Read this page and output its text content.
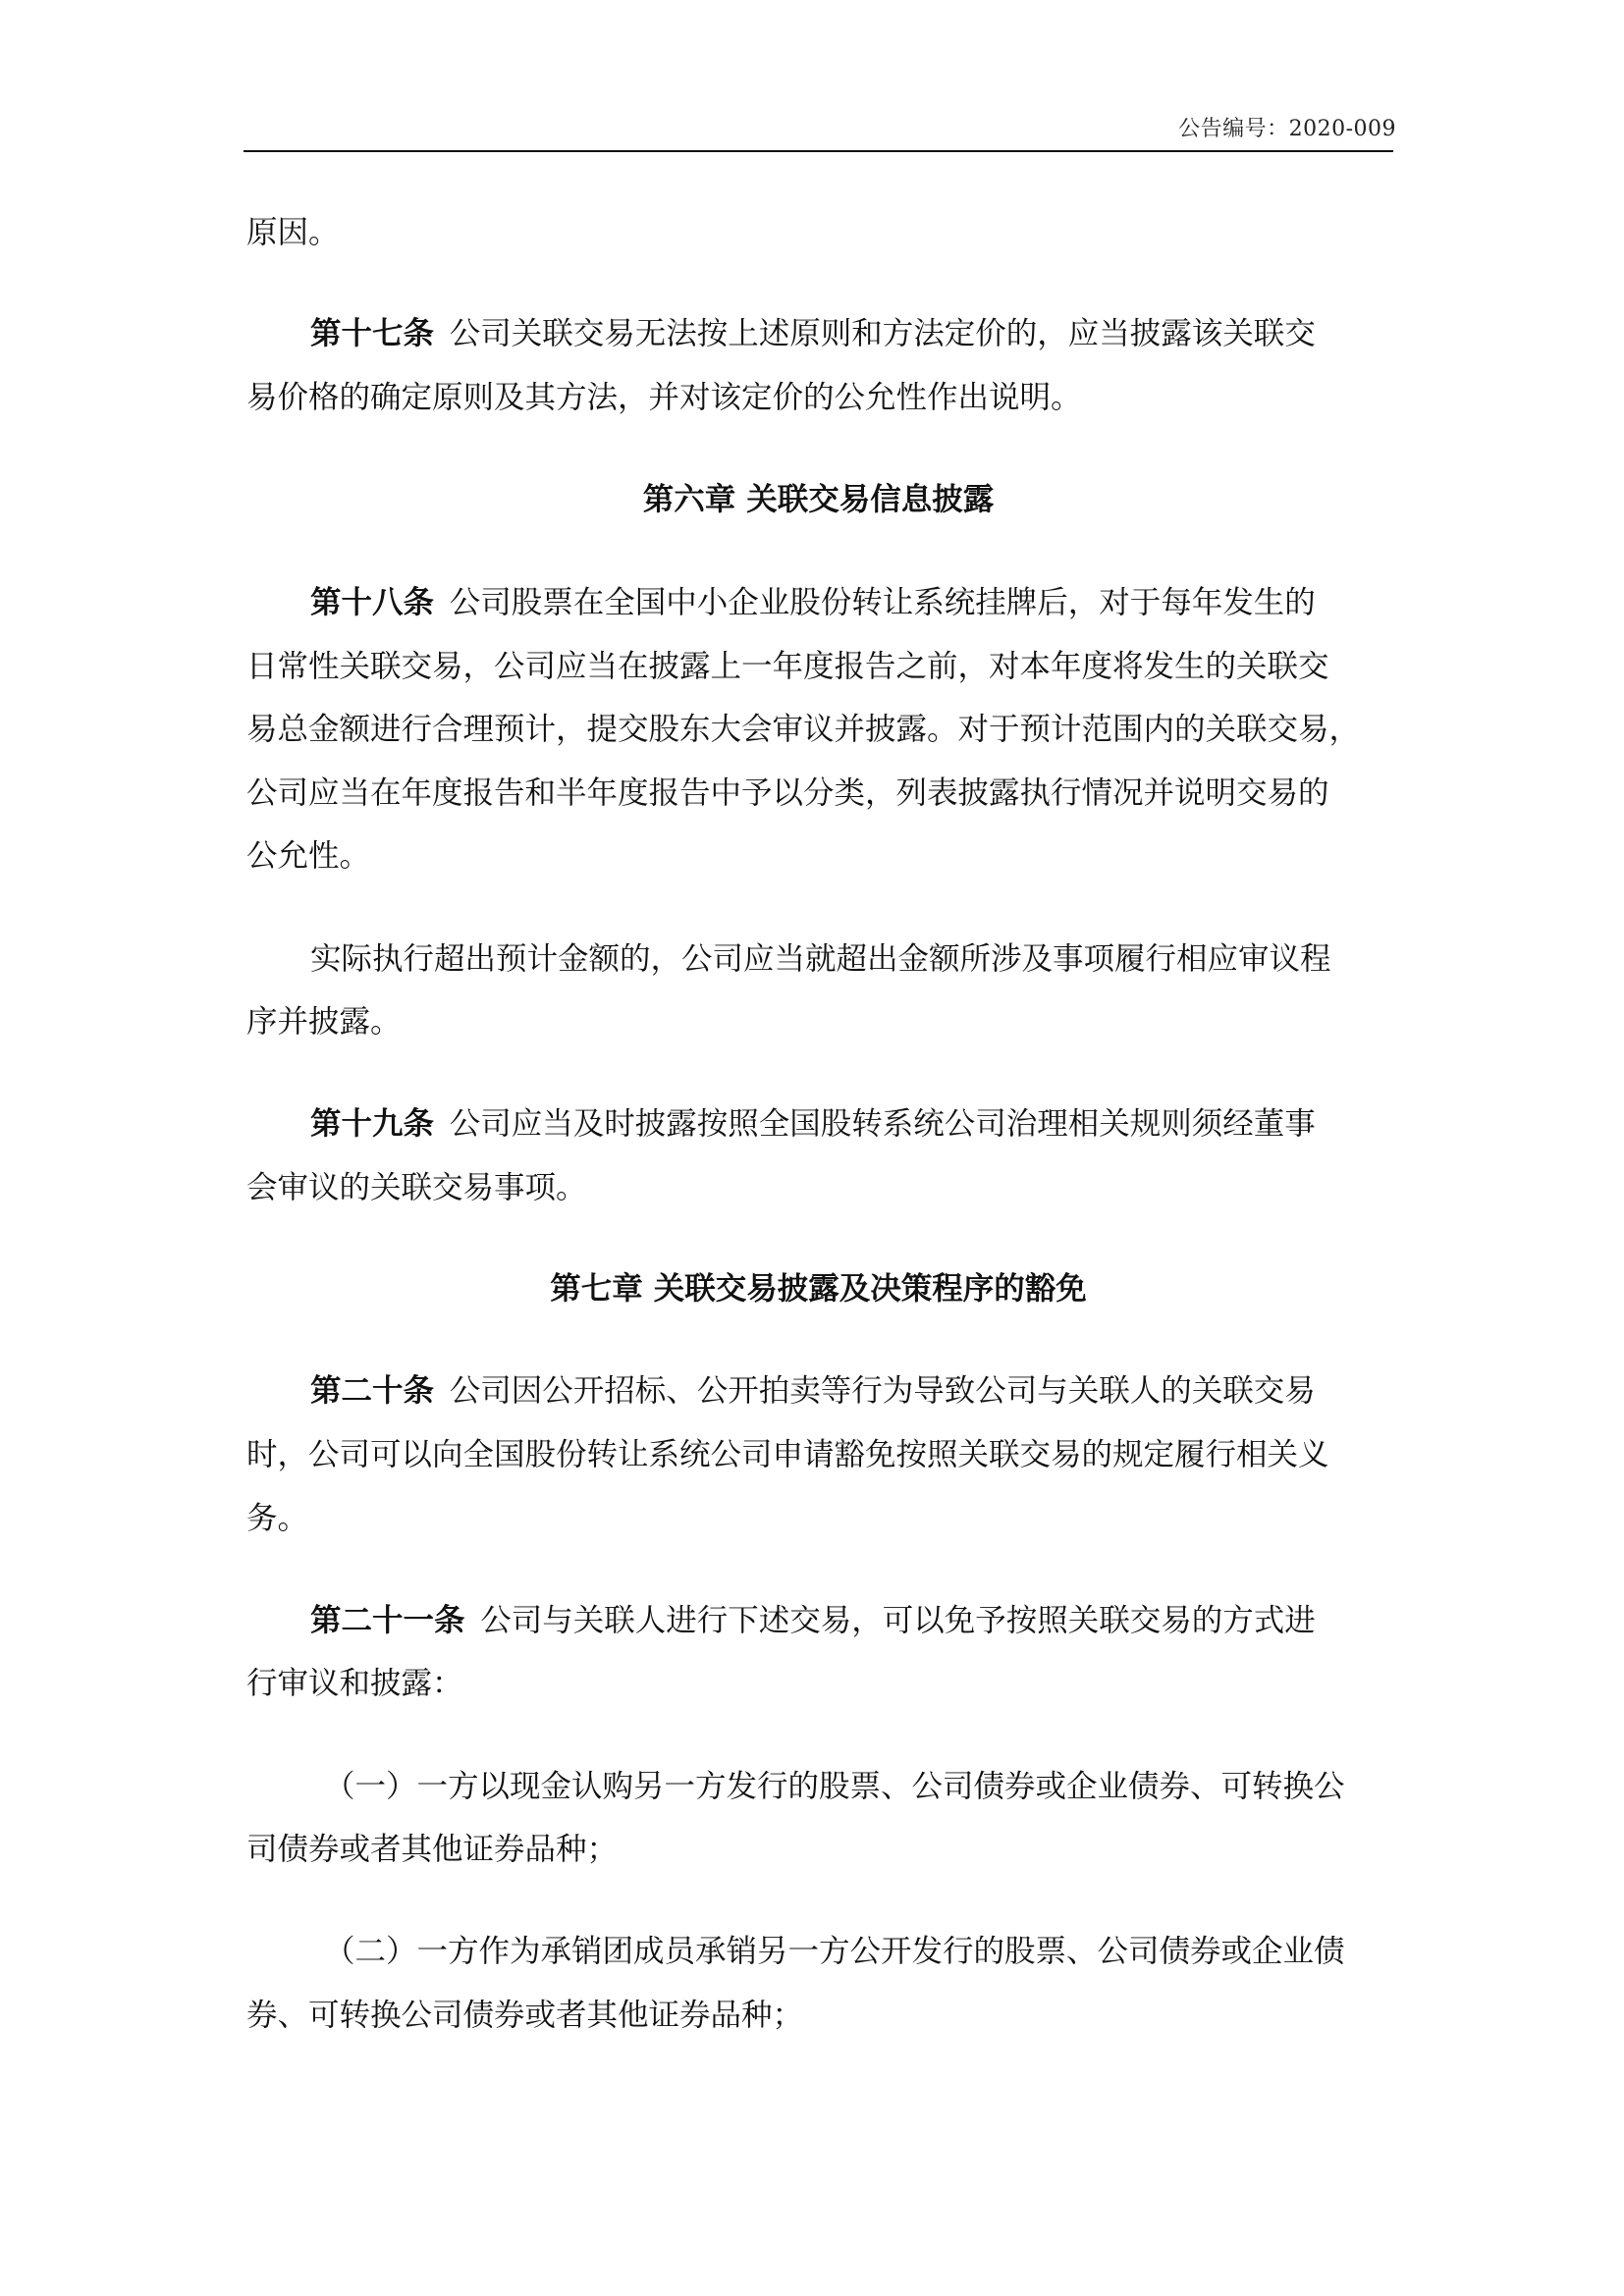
公告编号：2020-009
原因。
第十七条  公司关联交易无法按上述原则和方法定价的，应当披露该关联交
易价格的确定原则及其方法，并对该定价的公允性作出说明。
第六章 关联交易信息披露
第十八条  公司股票在全国中小企业股份转让系统挂牌后，对于每年发生的
日常性关联交易，公司应当在披露上一年度报告之前，对本年度将发生的关联交
易总金额进行合理预计，提交股东大会审议并披露。对于预计范围内的关联交易，
公司应当在年度报告和半年度报告中予以分类，列表披露执行情况并说明交易的
公允性。
实际执行超出预计金额的，公司应当就超出金额所涉及事项履行相应审议程
序并披露。
第十九条  公司应当及时披露按照全国股转系统公司治理相关规则须经董事
会审议的关联交易事项。
第七章 关联交易披露及决策程序的豁免
第二十条  公司因公开招标、公开拍卖等行为导致公司与关联人的关联交易
时，公司可以向全国股份转让系统公司申请豁免按照关联交易的规定履行相关义
务。
第二十一条  公司与关联人进行下述交易，可以免予按照关联交易的方式进
行审议和披露：
（一）一方以现金认购另一方发行的股票、公司债券或企业债券、可转换公
司债券或者其他证券品种；
（二）一方作为承销团成员承销另一方公开发行的股票、公司债券或企业债
券、可转换公司债券或者其他证券品种；
